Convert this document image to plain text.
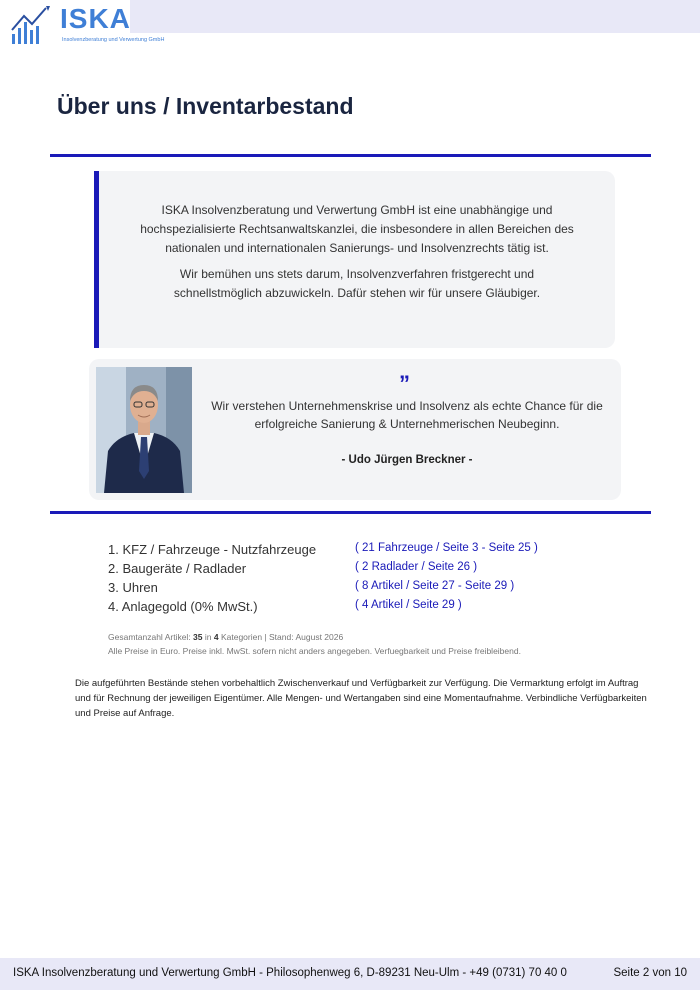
ISKA
Insolvenzberatung und Verwertung GmbH
Über uns / Inventarbestand

ISKA Insolvenzberatung und Verwertung GmbH ist eine unabhängige und hochspezialisierte Rechtsanwaltskanzlei, die insbesondere in allen Bereichen des nationalen und internationalen Sanierungs- und Insolvenzrechts tätig ist.

Wir bemühen uns stets darum, Insolvenzverfahren fristgerecht und schnellstmöglich abzuwickeln. Dafür stehen wir für unsere Gläubiger.

”
Wir verstehen Unternehmenskrise und Insolvenz als echte Chance für die erfolgreiche Sanierung & Unternehmerischen Neubeginn.
- Udo Jürgen Breckner -
1. KFZ / Fahrzeuge - Nutzfahrzeuge	( 21 Fahrzeuge / Seite 3 - Seite 25 )
2. Baugeräte / Radlader	( 2 Radlader / Seite 26 )
3. Uhren	( 8 Artikel / Seite 27 - Seite 29 )
4. Anlagegold (0% MwSt.)	( 4 Artikel / Seite 29 )
Gesamtanzahl Artikel: 35 in 4 Kategorien | Stand: August 2026
Alle Preise in Euro. Preise inkl. MwSt. sofern nicht anders angegeben. Verfuegbarkeit und Preise freibleibend.

Die aufgeführten Bestände stehen vorbehaltlich Zwischenverkauf und Verfügbarkeit zur Verfügung. Die Vermarktung erfolgt im Auftrag und für Rechnung der jeweiligen Eigentümer. Alle Mengen- und Wertangaben sind eine Momentaufnahme. Verbindliche Verfügbarkeiten und Preise auf Anfrage.

ISKA Insolvenzberatung und Verwertung GmbH - Philosophenweg 6, D-89231 Neu-Ulm - +49 (0731) 70 40 0	Seite 2 von 10
